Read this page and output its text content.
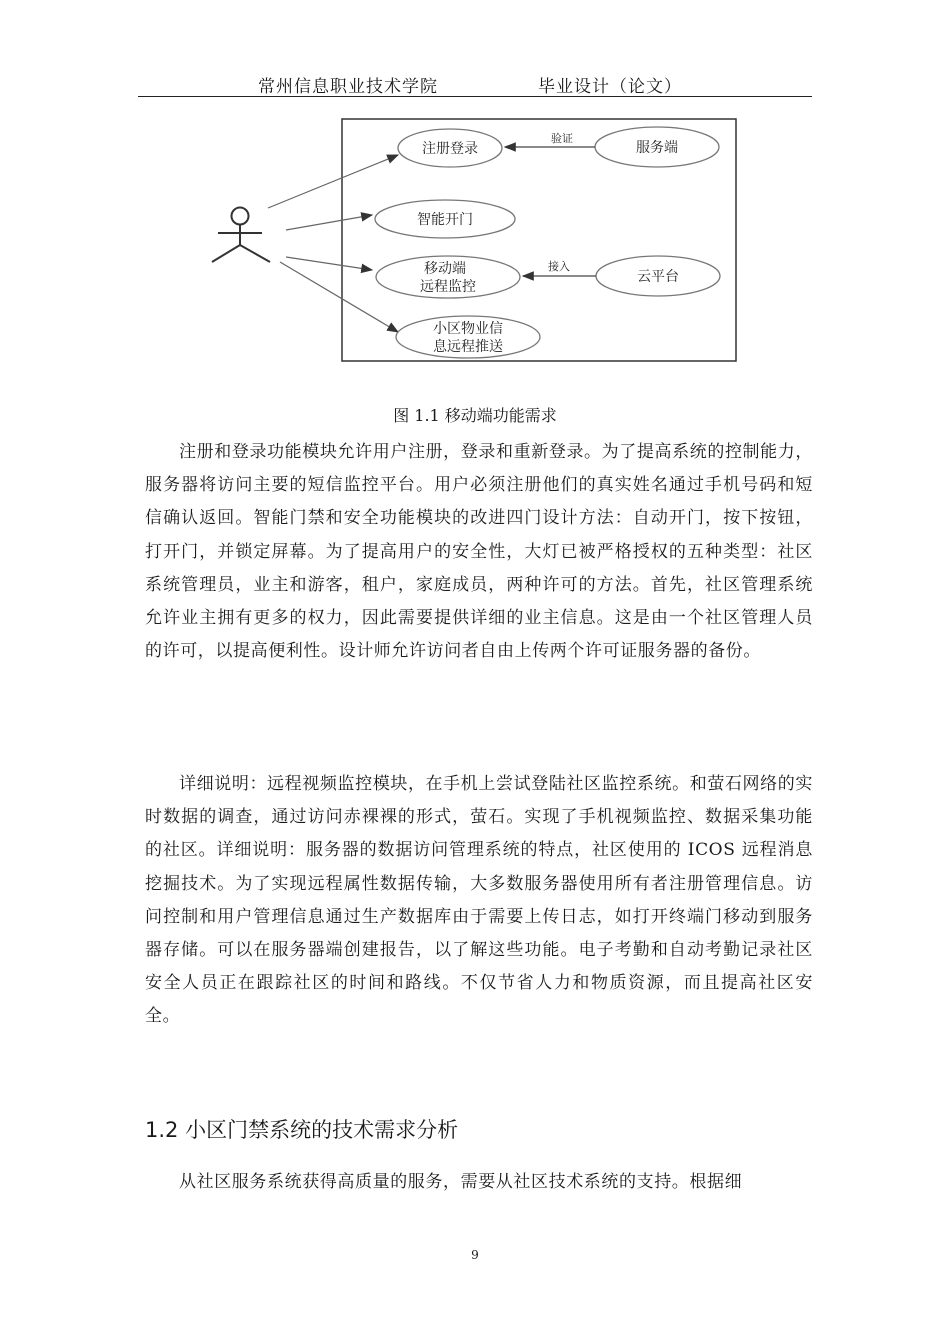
常州信息职业技术学院	毕业设计（论文）
注册登录
智能开门
移动端
远程监控
小区物业信
息远程推送
服务端
云平台
验证
接入
图 1.1 移动端功能需求

注册和登录功能模块允许用户注册，登录和重新登录。为了提高系统的控制能力，服务器将访问主要的短信监控平台。用户必须注册他们的真实姓名通过手机号码和短信确认返回。智能门禁和安全功能模块的改进四门设计方法：自动开门，按下按钮，打开门，并锁定屏幕。为了提高用户的安全性，大灯已被严格授权的五种类型：社区系统管理员，业主和游客，租户，家庭成员，两种许可的方法。首先，社区管理系统允许业主拥有更多的权力，因此需要提供详细的业主信息。这是由一个社区管理人员的许可，以提高便利性。设计师允许访问者自由上传两个许可证服务器的备份。

详细说明：远程视频监控模块，在手机上尝试登陆社区监控系统。和萤石网络的实时数据的调查，通过访问赤裸裸的形式，萤石。实现了手机视频监控、数据采集功能的社区。详细说明：服务器的数据访问管理系统的特点，社区使用的 ICOS 远程消息挖掘技术。为了实现远程属性数据传输，大多数服务器使用所有者注册管理信息。访问控制和用户管理信息通过生产数据库由于需要上传日志，如打开终端门移动到服务器存储。可以在服务器端创建报告，以了解这些功能。电子考勤和自动考勤记录社区安全人员正在跟踪社区的时间和路线。不仅节省人力和物质资源，而且提高社区安全。

1.2 小区门禁系统的技术需求分析

从社区服务系统获得高质量的服务，需要从社区技术系统的支持。根据细

9
